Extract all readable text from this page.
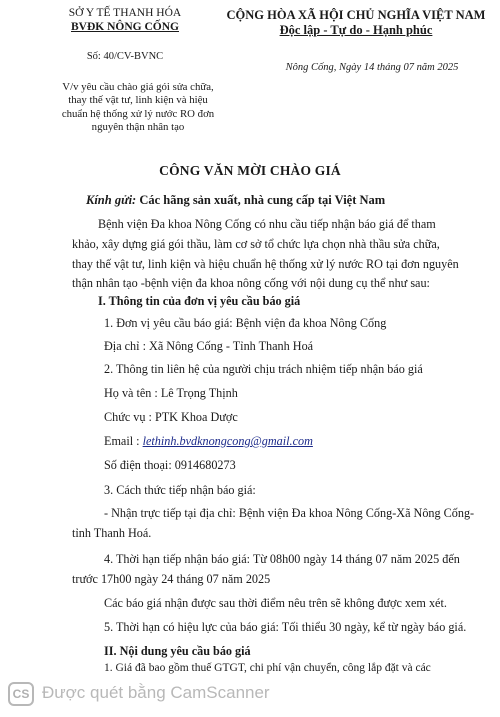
SỞ Y TẾ THANH HÓA
BVĐK NÔNG CỐNG
Số: 40/CV-BVNC
V/v yêu cầu chào giá gói sửa chữa,
thay thế vật tư, linh kiện và hiệu
chuẩn hệ thống xử lý nước RO đơn
nguyên thận nhân tạo
CỘNG HÒA XÃ HỘI CHỦ NGHĨA VIỆT NAM
Độc lập - Tự do - Hạnh phúc
Nông Cống, Ngày 14 tháng 07 năm 2025
CÔNG VĂN MỜI CHÀO GIÁ
Kính gửi: Các hãng sản xuất, nhà cung cấp tại Việt Nam
Bệnh viện Đa khoa Nông Cống có nhu cầu tiếp nhận báo giá để tham
khảo, xây dựng giá gói thầu, làm cơ sở tổ chức lựa chọn nhà thầu sửa chữa,
thay thế vật tư, linh kiện và hiệu chuẩn hệ thống xử lý nước RO tại đơn nguyên
thận nhân tạo -bệnh viện đa khoa nông cống với nội dung cụ thể như sau:
I. Thông tin của đơn vị yêu cầu báo giá
1. Đơn vị yêu cầu báo giá: Bệnh viện đa khoa Nông Cống
Địa chỉ : Xã Nông Cống - Tỉnh Thanh Hoá
2. Thông tin liên hệ của người chịu trách nhiệm tiếp nhận báo giá
Họ và tên : Lê Trọng Thịnh
Chức vụ : PTK Khoa Dược
Email : lethinh.bvdknongcong@gmail.com
Số điện thoại: 0914680273
3. Cách thức tiếp nhận báo giá:
- Nhận trực tiếp tại địa chỉ: Bệnh viện Đa khoa Nông Cống-Xã Nông Cống-
tỉnh Thanh Hoá.
4. Thời hạn tiếp nhận báo giá: Từ 08h00 ngày 14 tháng 07 năm 2025 đến
trước 17h00 ngày 24 tháng 07 năm 2025
Các báo giá nhận được sau thời điểm nêu trên sẽ không được xem xét.
5. Thời hạn có hiệu lực của báo giá: Tối thiểu 30 ngày, kể từ ngày báo giá.
II. Nội dung yêu cầu báo giá
1. Giá đã bao gồm thuế GTGT, chi phí vận chuyển, công lắp đặt và các
CS Được quét bằng CamScanner
